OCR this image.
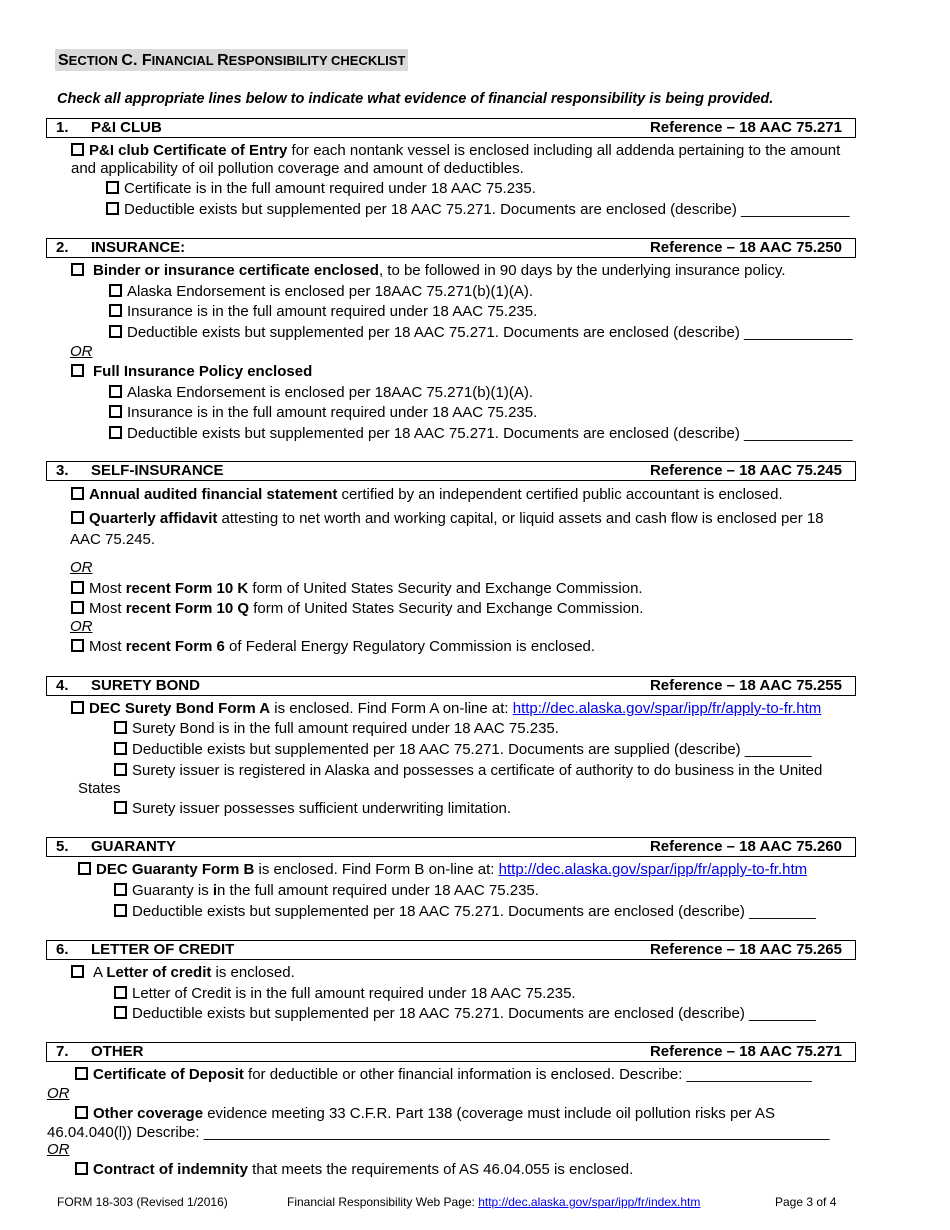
SECTION C. FINANCIAL RESPONSIBILITY CHECKLIST
Check all appropriate lines below to indicate what evidence of financial responsibility is being provided.
1. P&I CLUB	Reference – 18 AAC 75.271
P&I club Certificate of Entry for each nontank vessel is enclosed including all addenda pertaining to the amount
and applicability of oil pollution coverage and amount of deductibles.
Certificate is in the full amount required under 18 AAC 75.235.
Deductible exists but supplemented per 18 AAC 75.271. Documents are enclosed (describe) _____________
2. INSURANCE:	Reference – 18 AAC 75.250
Binder or insurance certificate enclosed, to be followed in 90 days by the underlying insurance policy.
Alaska Endorsement is enclosed per 18AAC 75.271(b)(1)(A).
Insurance is in the full amount required under 18 AAC 75.235.
Deductible exists but supplemented per 18 AAC 75.271. Documents are enclosed (describe) _____________
OR
Full Insurance Policy enclosed
Alaska Endorsement is enclosed per 18AAC 75.271(b)(1)(A).
Insurance is in the full amount required under 18 AAC 75.235.
Deductible exists but supplemented per 18 AAC 75.271. Documents are enclosed (describe) _____________
3. SELF-INSURANCE	Reference – 18 AAC 75.245
Annual audited financial statement certified by an independent certified public accountant is enclosed.
Quarterly affidavit attesting to net worth and working capital, or liquid assets and cash flow is enclosed per 18
AAC 75.245.
OR
Most recent Form 10 K form of United States Security and Exchange Commission.
Most recent Form 10 Q form of United States Security and Exchange Commission.
OR
Most recent Form 6 of Federal Energy Regulatory Commission is enclosed.
4. SURETY BOND	Reference – 18 AAC 75.255
DEC Surety Bond Form A is enclosed. Find Form A on-line at: http://dec.alaska.gov/spar/ipp/fr/apply-to-fr.htm
Surety Bond is in the full amount required under 18 AAC 75.235.
Deductible exists but supplemented per 18 AAC 75.271. Documents are supplied (describe) ________
Surety issuer is registered in Alaska and possesses a certificate of authority to do business in the United
States
Surety issuer possesses sufficient underwriting limitation.
5. GUARANTY	Reference – 18 AAC 75.260
DEC Guaranty Form B is enclosed. Find Form B on-line at: http://dec.alaska.gov/spar/ipp/fr/apply-to-fr.htm
Guaranty is in the full amount required under 18 AAC 75.235.
Deductible exists but supplemented per 18 AAC 75.271. Documents are enclosed (describe) ________
6. LETTER OF CREDIT	Reference – 18 AAC 75.265
A Letter of credit is enclosed.
Letter of Credit is in the full amount required under 18 AAC 75.235.
Deductible exists but supplemented per 18 AAC 75.271. Documents are enclosed (describe) ________
7. OTHER	Reference – 18 AAC 75.271
Certificate of Deposit for deductible or other financial information is enclosed. Describe: _______________
OR
Other coverage evidence meeting 33 C.F.R. Part 138 (coverage must include oil pollution risks per AS
46.04.040(l)) Describe: ___________________________________________________________________________
OR
Contract of indemnity that meets the requirements of AS 46.04.055 is enclosed.
FORM 18-303 (Revised 1/2016)	Financial Responsibility Web Page: http://dec.alaska.gov/spar/ipp/fr/index.htm	Page 3 of 4
